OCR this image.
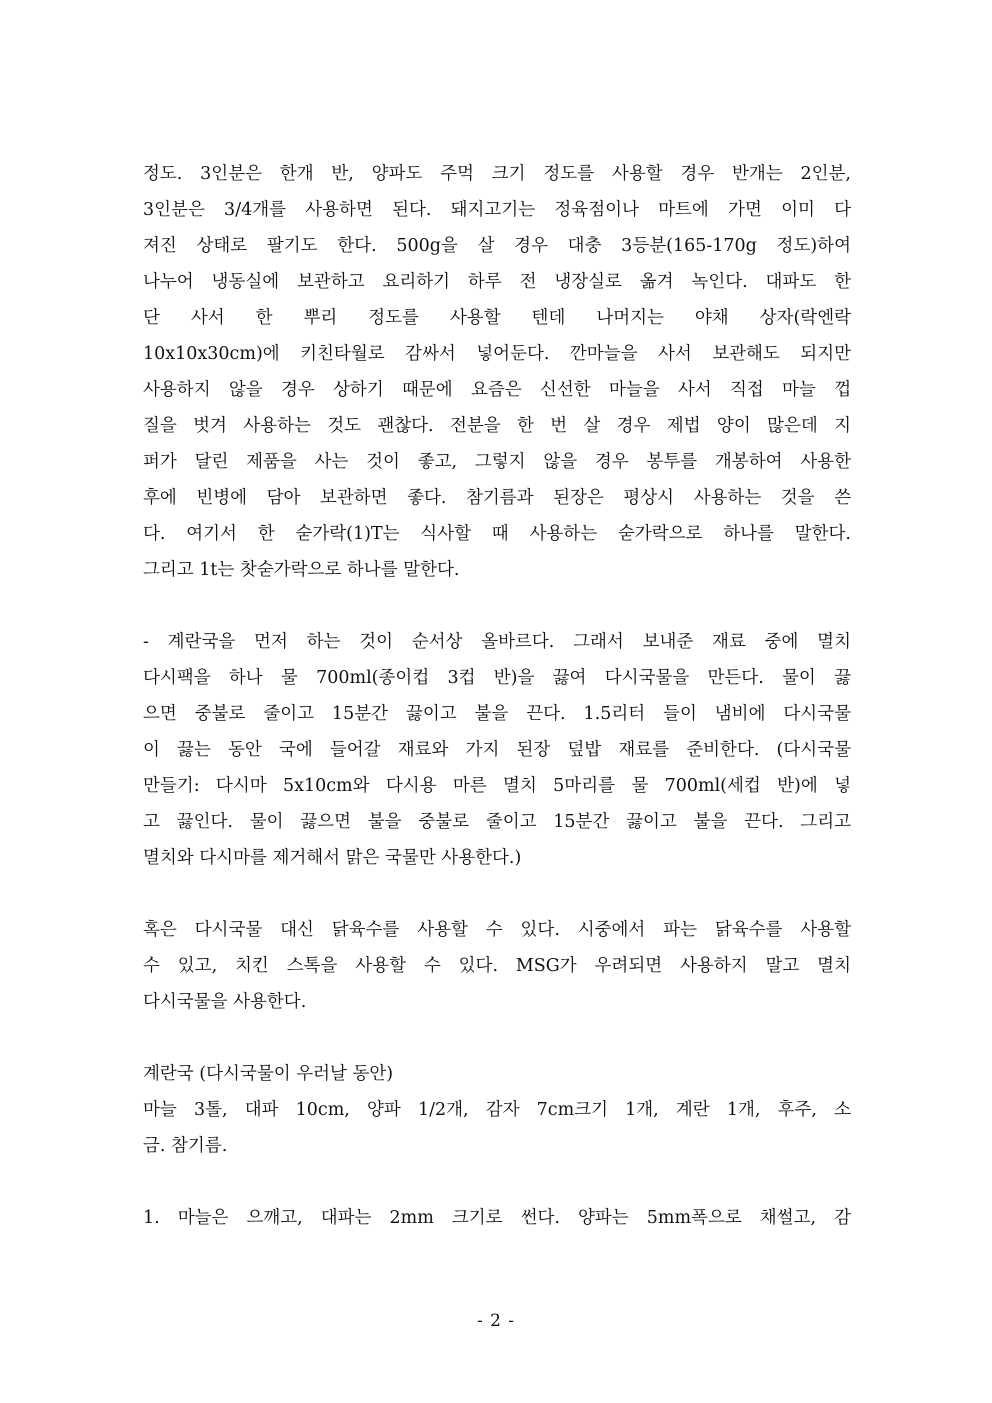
정도. 3인분은 한개 반, 양파도 주먹 크기 정도를 사용할 경우 반개는 2인분,
3인분은 3/4개를 사용하면 된다. 돼지고기는 정육점이나 마트에 가면 이미 다
져진 상태로 팔기도 한다. 500g을 살 경우 대충 3등분(165-170g 정도)하여
나누어 냉동실에 보관하고 요리하기 하루 전 냉장실로 옮겨 녹인다. 대파도 한
단 사서 한 뿌리 정도를 사용할 텐데 나머지는 야채 상자(락엔락
10x10x30cm)에 키친타월로 감싸서 넣어둔다. 깐마늘을 사서 보관해도 되지만
사용하지 않을 경우 상하기 때문에 요즘은 신선한 마늘을 사서 직접 마늘 껍
질을 벗겨 사용하는 것도 괜찮다. 전분을 한 번 살 경우 제법 양이 많은데 지
퍼가 달린 제품을 사는 것이 좋고, 그렇지 않을 경우 봉투를 개봉하여 사용한
후에 빈병에 담아 보관하면 좋다. 참기름과 된장은 평상시 사용하는 것을 쓴
다. 여기서 한 숟가락(1)T는 식사할 때 사용하는 숟가락으로 하나를 말한다.
그리고 1t는 찻숟가락으로 하나를 말한다.
- 계란국을 먼저 하는 것이 순서상 올바르다. 그래서 보내준 재료 중에 멸치
다시팩을 하나 물 700ml(종이컵 3컵 반)을 끓여 다시국물을 만든다. 물이 끓
으면 중불로 줄이고 15분간 끓이고 불을 끈다. 1.5리터 들이 냄비에 다시국물
이 끓는 동안 국에 들어갈 재료와 가지 된장 덮밥 재료를 준비한다. (다시국물
만들기: 다시마 5x10cm와 다시용 마른 멸치 5마리를 물 700ml(세컵 반)에 넣
고 끓인다. 물이 끓으면 불을 중불로 줄이고 15분간 끓이고 불을 끈다. 그리고
멸치와 다시마를 제거해서 맑은 국물만 사용한다.)
혹은 다시국물 대신 닭육수를 사용할 수 있다. 시중에서 파는 닭육수를 사용할
수 있고, 치킨 스톡을 사용할 수 있다. MSG가 우려되면 사용하지 말고 멸치
다시국물을 사용한다.
계란국 (다시국물이 우러날 동안)
마늘 3톨, 대파 10cm, 양파 1/2개, 감자 7cm크기 1개, 계란 1개, 후주, 소
금. 참기름.
1. 마늘은 으깨고, 대파는 2mm 크기로 썬다. 양파는 5mm폭으로 채썰고, 감
- 2 -
